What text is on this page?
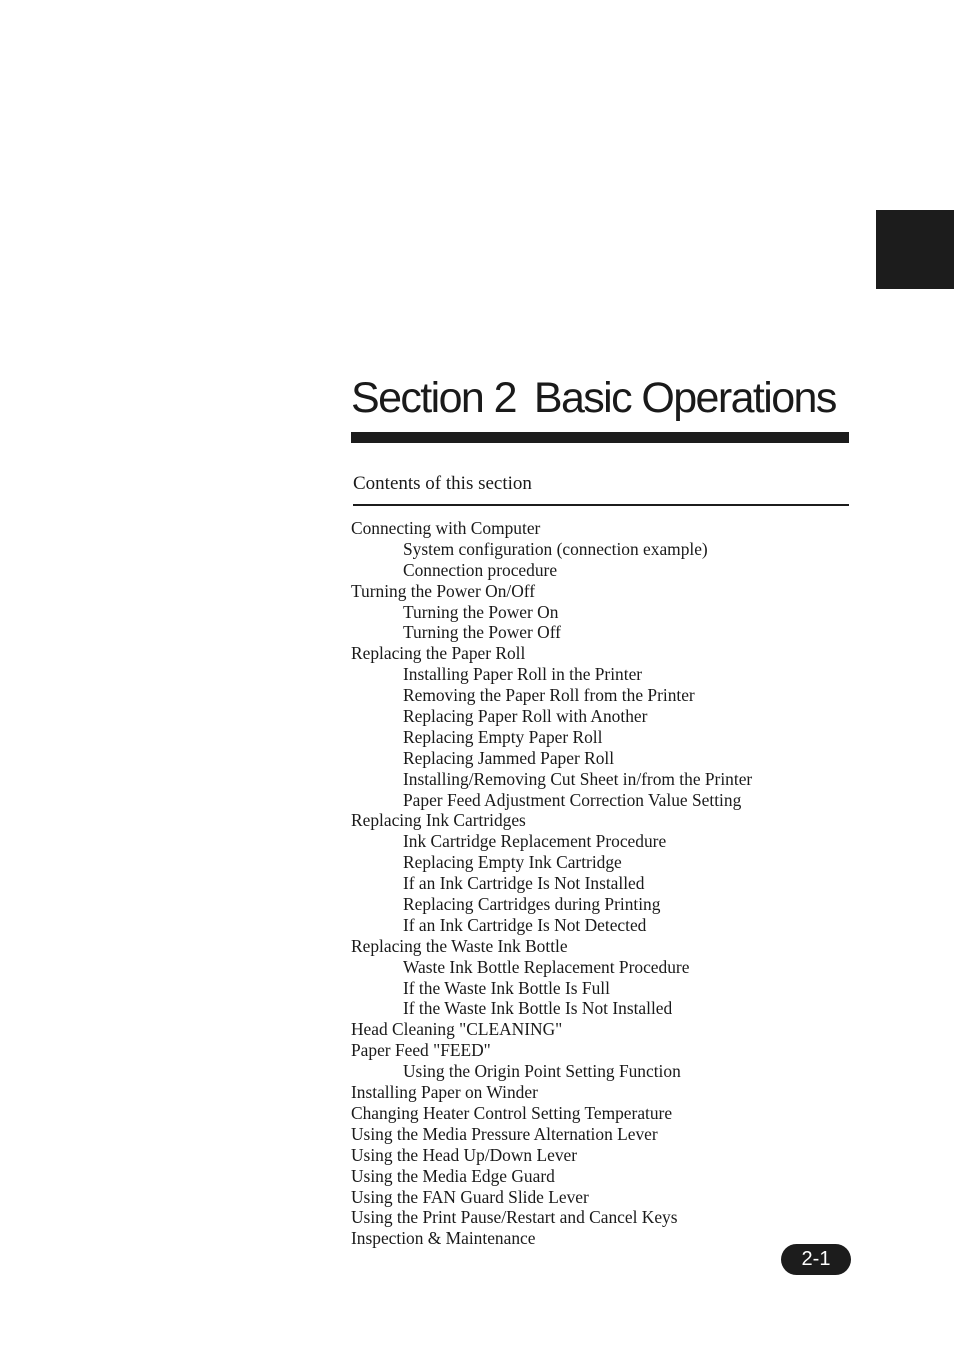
Section 2 Basic Operations
Contents of this section
Connecting with Computer
System configuration (connection example)
Connection procedure
Turning the Power On/Off
Turning the Power On
Turning the Power Off
Replacing the Paper Roll
Installing Paper Roll in the Printer
Removing the Paper Roll from the Printer
Replacing Paper Roll with Another
Replacing Empty Paper Roll
Replacing Jammed Paper Roll
Installing/Removing Cut Sheet in/from the Printer
Paper Feed Adjustment Correction Value Setting
Replacing Ink Cartridges
Ink Cartridge Replacement Procedure
Replacing Empty Ink Cartridge
If an Ink Cartridge Is Not Installed
Replacing Cartridges during Printing
If an Ink Cartridge Is Not Detected
Replacing the Waste Ink Bottle
Waste Ink Bottle Replacement Procedure
If the Waste Ink Bottle Is Full
If the Waste Ink Bottle Is Not Installed
Head Cleaning "CLEANING"
Paper Feed "FEED"
Using the Origin Point Setting Function
Installing Paper on Winder
Changing Heater Control Setting Temperature
Using the Media Pressure Alternation Lever
Using the Head Up/Down Lever
Using the Media Edge Guard
Using the FAN Guard Slide Lever
Using the Print Pause/Restart and Cancel Keys
Inspection & Maintenance
2-1
